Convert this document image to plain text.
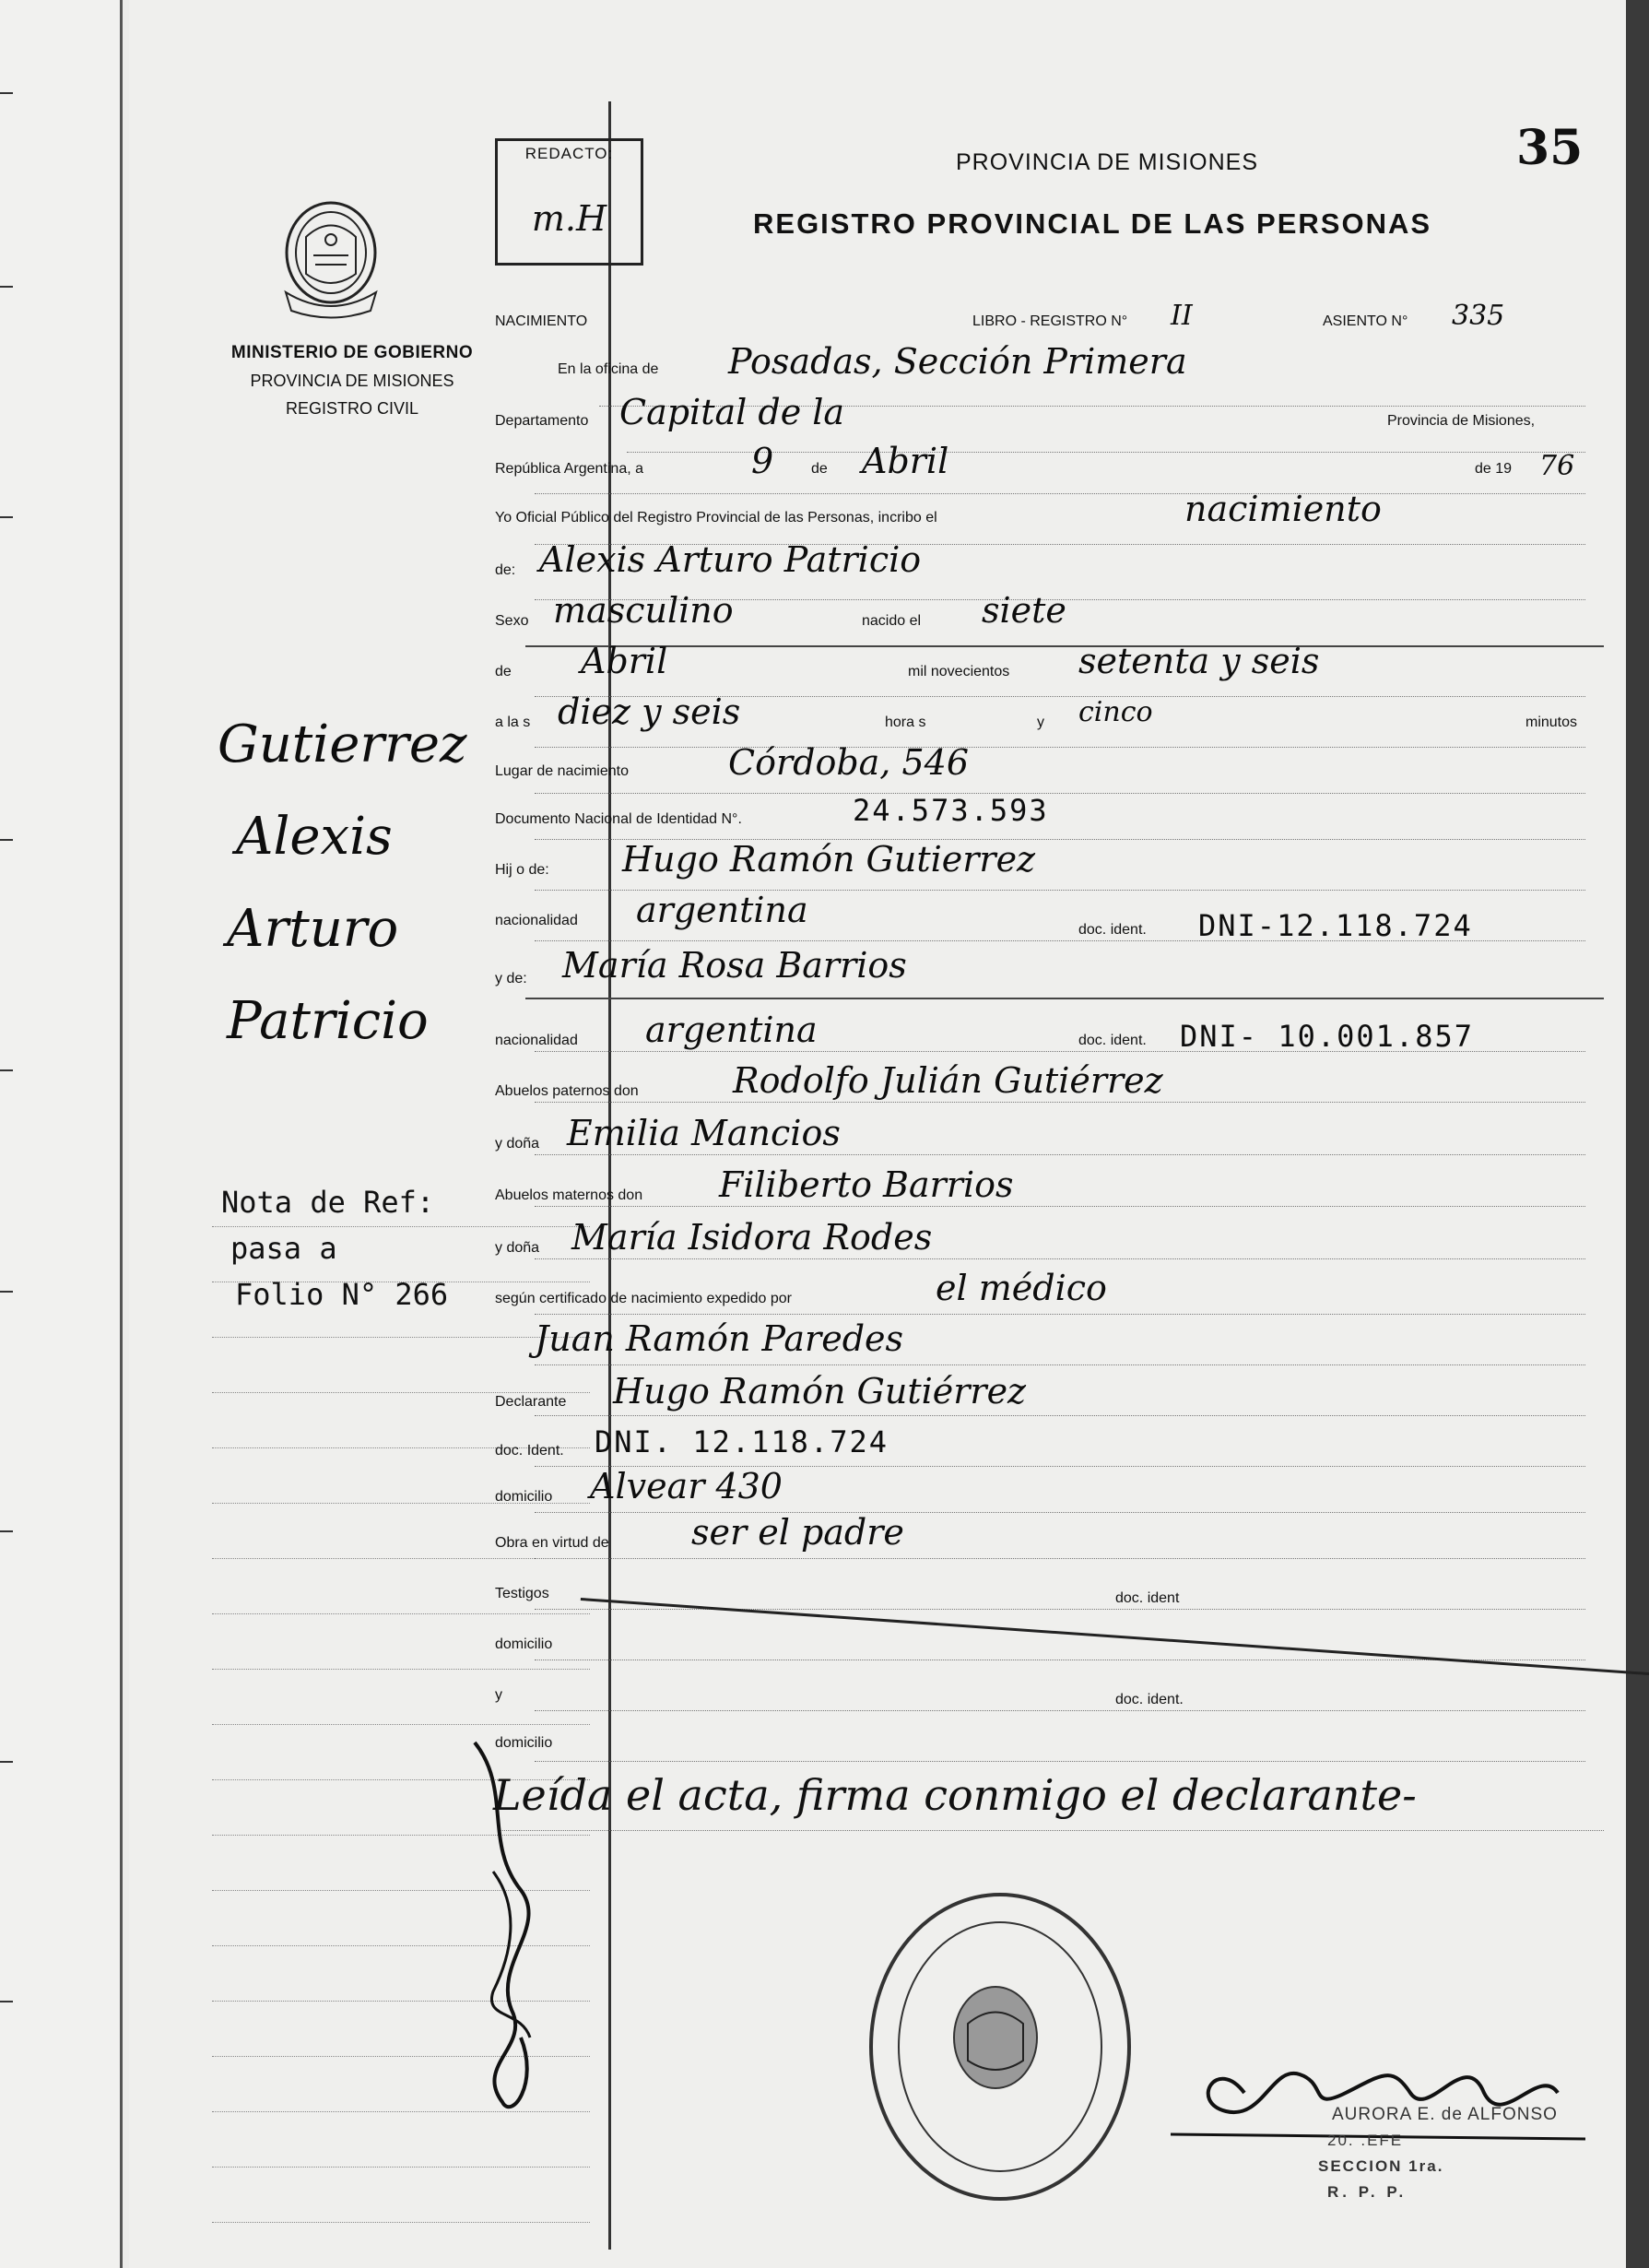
REDACTO:
m.H
PROVINCIA DE MISIONES
REGISTRO PROVINCIAL DE LAS PERSONAS
35
MINISTERIO DE GOBIERNO
PROVINCIA DE MISIONES
REGISTRO CIVIL
NACIMIENTO	LIBRO - REGISTRO N° II	ASIENTO N° 335
En la oficina de Posadas, Sección Primera
Departamento Capital de la	Provincia de Misiones,
República Argentina, a	9	de Abril	de 19 76
Yo Oficial Público del Registro Provincial de las Personas, incribo el	nacimiento
de: Alexis Arturo Patricio
Sexo masculino	nacido el siete
de Abril	mil novecientos setenta y seis
a la s diez y seis	hora s	y cinco	minutos
Lugar de nacimiento	Córdoba, 546
Documento Nacional de Identidad N°.	24.573.593
Hij o de: Hugo Ramón Gutierrez
nacionalidad argentina	doc. ident. DNI-12.118.724
y de: María Rosa Barrios
nacionalidad argentina	doc. ident. DNI- 10.001.857
Abuelos paternos don	Rodolfo Julián Gutiérrez
y doña Emilia Mancios
Abuelos maternos don Filiberto Barrios
y doña María Isidora Rodes
según certificado de nacimiento expedido por	el médico
Juan Ramón Paredes
Declarante Hugo Ramón Gutiérrez
doc. Ident. DNI. 12.118.724
domicilio Alvear 430
Obra en virtud de ser el padre
Testigos	doc. ident
domicilio
y	doc. ident.
domicilio
Leída el acta, firma conmigo el declarante-
Gutierrez
Alexis
Arturo
Patricio
Nota de Ref:
pasa a
Folio N° 266
AURORA E. de ALFONSO
20. .EFE
SECCION 1ra.
R. P. P.
